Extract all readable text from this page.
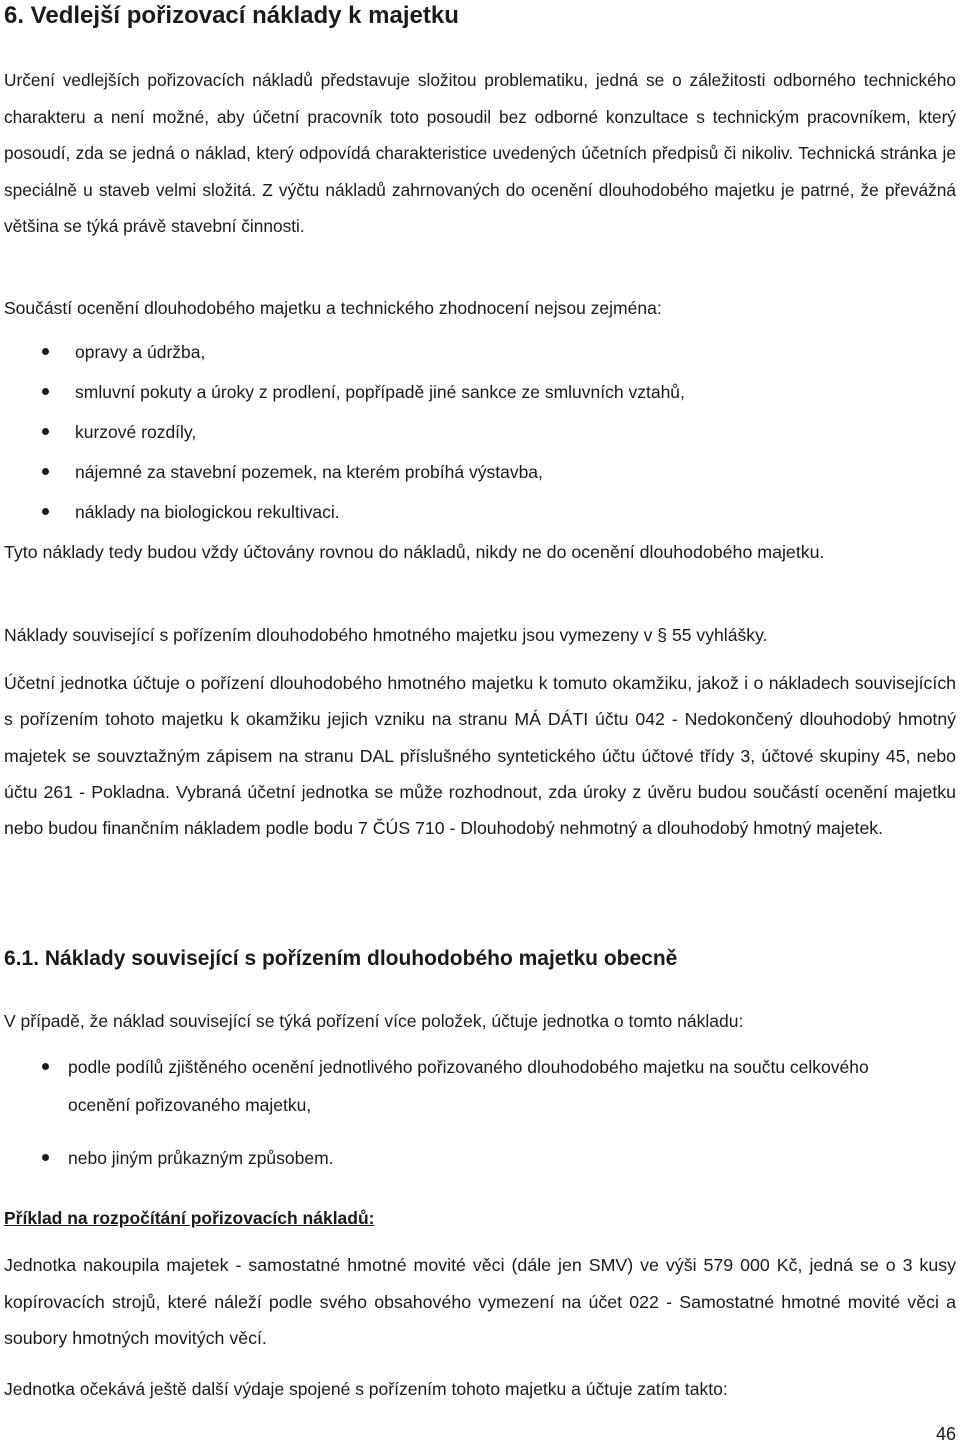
6. Vedlejší pořizovací náklady k majetku

Určení vedlejších pořizovacích nákladů představuje složitou problematiku, jedná se o záležitosti odborného technického charakteru a není možné, aby účetní pracovník toto posoudil bez odborné konzultace s technickým pracovníkem, který posoudí, zda se jedná o náklad, který odpovídá charakteristice uvedených účetních předpisů či nikoliv. Technická stránka je speciálně u staveb velmi složitá. Z výčtu nákladů zahrnovaných do ocenění dlouhodobého majetku je patrné, že převážná většina se týká právě stavební činnosti.

Součástí ocenění dlouhodobého majetku a technického zhodnocení nejsou zejména:

opravy a údržba,
smluvní pokuty a úroky z prodlení, popřípadě jiné sankce ze smluvních vztahů,
kurzové rozdíly,
nájemné za stavební pozemek, na kterém probíhá výstavba,
náklady na biologickou rekultivaci.

Tyto náklady tedy budou vždy účtovány rovnou do nákladů, nikdy ne do ocenění dlouhodobého majetku.

Náklady související s pořízením dlouhodobého hmotného majetku jsou vymezeny v § 55 vyhlášky.

Účetní jednotka účtuje o pořízení dlouhodobého hmotného majetku k tomuto okamžiku, jakož i o nákladech souvisejících s pořízením tohoto majetku k okamžiku jejich vzniku na stranu MÁ DÁTI účtu 042 - Nedokončený dlouhodobý hmotný majetek se souvztažným zápisem na stranu DAL příslušného syntetického účtu účtové třídy 3, účtové skupiny 45, nebo účtu 261 - Pokladna. Vybraná účetní jednotka se může rozhodnout, zda úroky z úvěru budou součástí ocenění majetku nebo budou finančním nákladem podle bodu 7 ČÚS 710 - Dlouhodobý nehmotný a dlouhodobý hmotný majetek.

6.1. Náklady související s pořízením dlouhodobého majetku obecně

V případě, že náklad související se týká pořízení více položek, účtuje jednotka o tomto nákladu:

podle podílů zjištěného ocenění jednotlivého pořizovaného dlouhodobého majetku na součtu celkového ocenění pořizovaného majetku,
nebo jiným průkazným způsobem.

Příklad na rozpočítání pořizovacích nákladů:

Jednotka nakoupila majetek - samostatné hmotné movité věci (dále jen SMV) ve výši 579 000 Kč, jedná se o 3 kusy kopírovacích strojů, které náleží podle svého obsahového vymezení na účet 022 - Samostatné hmotné movité věci a soubory hmotných movitých věcí.

Jednotka očekává ještě další výdaje spojené s pořízením tohoto majetku a účtuje zatím takto:

46
